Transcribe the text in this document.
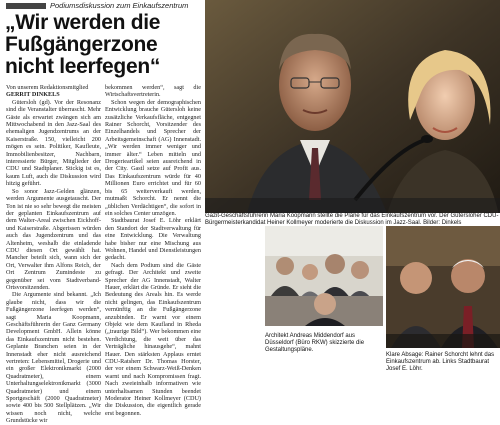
Podiumsdiskussion zum Einkaufszentrum
„Wir werden die
Fußgängerzone
nicht leerfegen“

Von unserem Redaktionsmitglied

GERRIT DINKELS

Gütersloh (gd). Vor der Resonanz sind die Veranstalter überrascht. Mehr Gäste als erwartet zwängen sich am Mittwochabend in den Jazz-Saal des ehemaligen Jugendzentrums an der Kaiserstraße. 150, vielleicht 200 mögen es sein. Politiker, Kaufleute, Immobilienbesitzer, Nachbarn, interessierte Bürger, Mitglieder der CDU und Stadtplaner. Stickig ist es, kaum Luft, auch die Diskussion wird hitzig geführt.

So sonor Jazz-Gelden glänzen, werden Argumente ausgetauscht. Der Ton ist nie so sehr bewegt die meisten der geplanten Einkaufszentrum auf dem Walter-Areal zwischen Eickhoff- und Kaiserstraße. Abgerissen würden auch das Jugendzentrum und das Altenheim, weshalb die einladende CDU diesen Ort gewählt hat. Mancher beteilt sich, wann sich der Ort, Verwalter ihm Alfons Reich, der Ort Zentrum Zumindeste zu gegenüber sei vom Stadtverband-Ortsvorsitzenden.

Die Argumente sind bekannt. „Ich glaube nicht, dass wir die Fußgängerzone leerfegen werden“, sagt Maria Koopmann, Geschäftsführerin der Ganz Germany Development GmbH. Allein könne das Einkaufszentrum nicht bestehen. Geplante Branchen seien in der Innenstadt eher nicht ausreichend vertreten: Lebensmittel, Drogerie und ein großer Elektronikmarkt (2000 Quadratmeter), einem Unterhaltungselektronikmarkt (3000 Quadratmeter) und einem Sportgeschäft (2000 Quadratmeter) sowie 400 bis 500 Stellplätzen. „Wir wissen noch nicht, welche Grundstücke wir

bekommen werden“, sagt die Wirtschaftsvertreterin.

Schon wegen der demographischen Entwicklung brauche Gütersloh keine zusätzliche Verkaufsfläche, entgegnet Rainer Schorcht, Vorsitzender des Einzelhandels und Sprecher der Arbeitsgemeinschaft (AG) Innenstadt. „Wir werden immer weniger und immer älter.“ Leben mitteln und Drogerieartikel seien ausreichend in der City. Gastl setze auf Profit aus. Das Einkaufszentrum würde für 40 Millionen Euro errichtet und für 60 bis 65 weiterverkauft werden, mutmaßt Schorcht. Er nennt die „üblichen Verdächtigen“, die sofort in ein solches Center umzögen.

Stadtbaurat Josef E. Löhr erklärt den Standort der Stadtverwaltung für eine Entwicklung. Die Verwaltung habe bisher nur eine Mischung aus Wohnen, Handel und Dienstleistungen gedacht.

Nach dem Podium sind die Gäste gefragt. Der Architekt und zweite Sprecher der AG Innenstadt, Walter Hauer, erklärt die Gründe. Er sieht die Bedeutung des Areals hin. Es werde nicht gelingen, das Einkaufszentrum vernünftig an die Fußgängerzone anzubinden. Er warnt vor einem Objekt wie dem Kaufland in Rheda („traurige Bild“). Wer bekommen eine Verdichtung, die weit über das Verträgliche hinausgehe“, mahnt Hauer. Den stärksten Applaus erntet CDU-Ratsherr Dr. Thomas Horster, der vor einem Schwarz-Weiß-Denken warnt und nach Kompromissen fragt. Nach zweieinhalb informativen wie unterhaltsamen Stunden beendet Moderator Heiner Kollmeyer (CDU) die Diskussion, die eigentlich gerade erst begonnen.

Gazit-Geschäftsführerin Maria Koopmann stellte die Pläne für das Einkaufszentrum vor. Der Gütersloher CDU-Bürgermeisterkandidat Heiner Kollmeyer moderierte die Diskussion im Jazz-Saal. Bilder: Dinkels
Architekt Andreas Middendorf aus Düsseldorf (Büro RKW) skizzierte die Gestaltungspläne.
Klare Absage: Rainer Schorcht lehnt das Einkaufszentrum ab. Links Stadtbaurat Josef E. Löhr.
